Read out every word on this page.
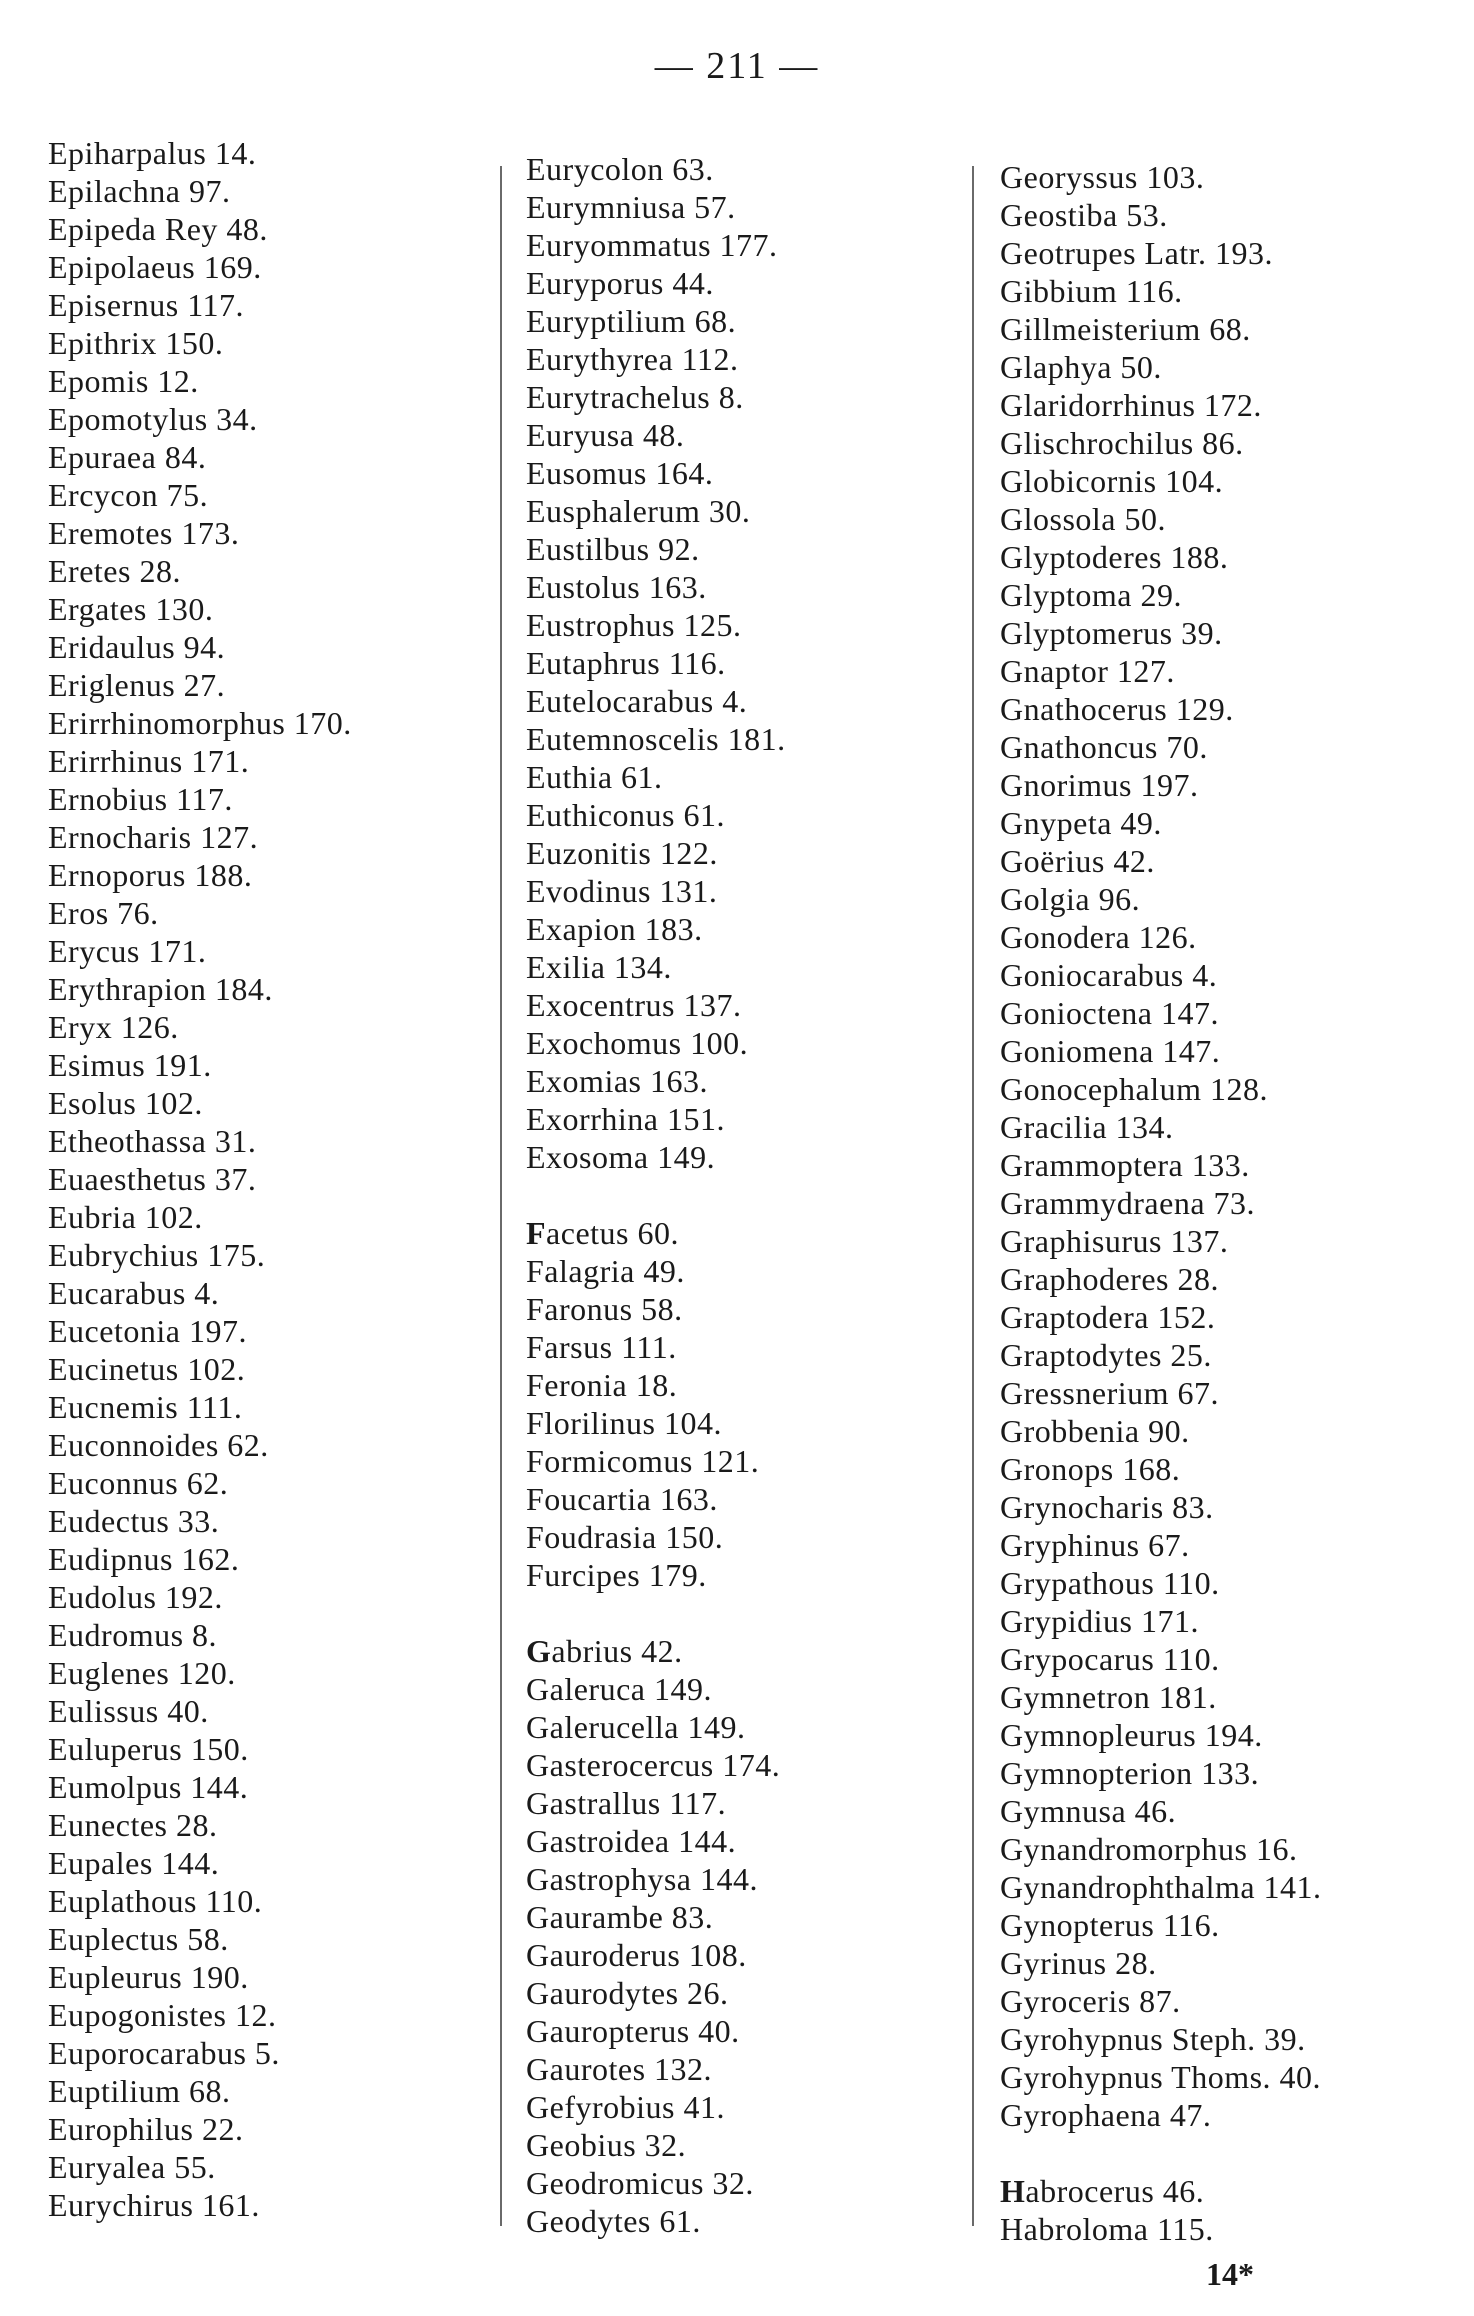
— 211 —
Epiharpalus 14.
Epilachna 97.
Epipeda Rey 48.
Epipolaeus 169.
Episernus 117.
Epithrix 150.
Epomis 12.
Epomotylus 34.
Epuraea 84.
Ercycon 75.
Eremotes 173.
Eretes 28.
Ergates 130.
Eridaulus 94.
Eriglenus 27.
Erirrhinomorphus 170.
Erirrhinus 171.
Ernobius 117.
Ernocharis 127.
Ernoporus 188.
Eros 76.
Erycus 171.
Erythrapion 184.
Eryx 126.
Esimus 191.
Esolus 102.
Etheothassa 31.
Euaesthetus 37.
Eubria 102.
Eubrychius 175.
Eucarabus 4.
Eucetonia 197.
Eucinetus 102.
Eucnemis 111.
Euconnoides 62.
Euconnus 62.
Eudectus 33.
Eudipnus 162.
Eudolus 192.
Eudromus 8.
Euglenes 120.
Eulissus 40.
Euluperus 150.
Eumolpus 144.
Eunectes 28.
Eupales 144.
Euplathous 110.
Euplectus 58.
Eupleurus 190.
Eupogonistes 12.
Euporocarabus 5.
Euptilium 68.
Europhilus 22.
Euryalea 55.
Eurychirus 161.
Eurycolon 63.
Eurymniusa 57.
Euryommatus 177.
Euryporus 44.
Euryptilium 68.
Eurythyrea 112.
Eurytrachelus 8.
Euryusa 48.
Eusomus 164.
Eusphalerum 30.
Eustilbus 92.
Eustolus 163.
Eustrophus 125.
Eutaphrus 116.
Eutelocarabus 4.
Eutemnoscelis 181.
Euthia 61.
Euthiconus 61.
Euzonitis 122.
Evodinus 131.
Exapion 183.
Exilia 134.
Exocentrus 137.
Exochomus 100.
Exomias 163.
Exorrhina 151.
Exosoma 149.
Facetus 60.
Falagria 49.
Faronus 58.
Farsus 111.
Feronia 18.
Florilinus 104.
Formicomus 121.
Foucartia 163.
Foudrasia 150.
Furcipes 179.
Gabrius 42.
Galeruca 149.
Galerucella 149.
Gasterocercus 174.
Gastrallus 117.
Gastroidea 144.
Gastrophysa 144.
Gaurambe 83.
Gauroderus 108.
Gaurodytes 26.
Gauropterus 40.
Gaurotes 132.
Gefyrobius 41.
Geobius 32.
Geodromicus 32.
Geodytes 61.
Georyssus 103.
Geostiba 53.
Geotrupes Latr. 193.
Gibbium 116.
Gillmeisterium 68.
Glaphya 50.
Glaridorrhinus 172.
Glischrochilus 86.
Globicornis 104.
Glossola 50.
Glyptoderes 188.
Glyptoma 29.
Glyptomerus 39.
Gnaptor 127.
Gnathocerus 129.
Gnathoncus 70.
Gnorimus 197.
Gnypeta 49.
Goërius 42.
Golgia 96.
Gonodera 126.
Goniocarabus 4.
Gonioctena 147.
Goniomena 147.
Gonocephalum 128.
Gracilia 134.
Grammoptera 133.
Grammydraena 73.
Graphisurus 137.
Graphoderes 28.
Graptodera 152.
Graptodytes 25.
Gressnerium 67.
Grobbenia 90.
Gronops 168.
Grynocharis 83.
Gryphinus 67.
Grypathous 110.
Grypidius 171.
Grypocarus 110.
Gymnetron 181.
Gymnopleurus 194.
Gymnopterion 133.
Gymnusa 46.
Gynandromorphus 16.
Gynandrophthalma 141.
Gynopterus 116.
Gyrinus 28.
Gyroceris 87.
Gyrohypnus Steph. 39.
Gyrohypnus Thoms. 40.
Gyrophaena 47.
Habrocerus 46.
Habroloma 115.
14*
